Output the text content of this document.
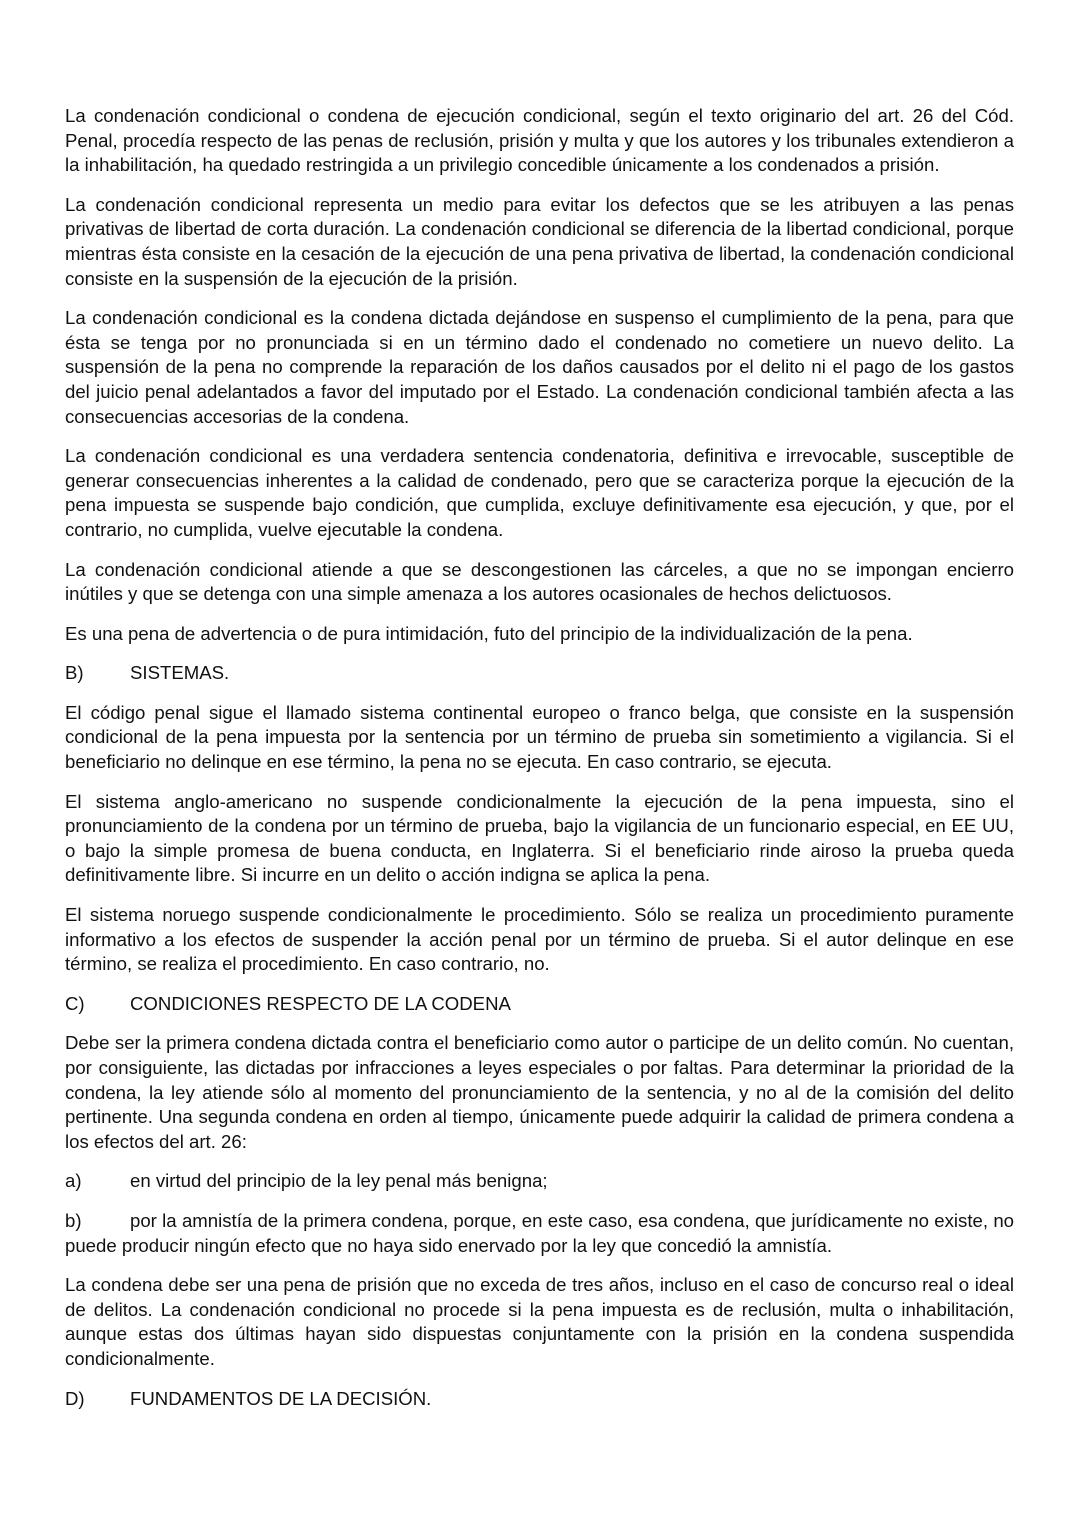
La condenación condicional o condena de ejecución condicional, según el texto originario del art. 26 del Cód. Penal, procedía respecto de las penas de reclusión, prisión y multa y que los autores y los tribunales extendieron a la inhabilitación, ha quedado restringida a un privilegio concedible únicamente a los condenados a prisión.

La condenación condicional representa un medio para evitar los defectos que se les atribuyen a las penas privativas de libertad de corta duración. La condenación condicional se diferencia de la libertad condicional, porque mientras ésta consiste en la cesación de la ejecución de una pena privativa de libertad, la condenación condicional consiste en la suspensión de la ejecución de la prisión.

La condenación condicional es la condena dictada dejándose en suspenso el cumplimiento de la pena, para que ésta se tenga por no pronunciada si en un término dado el condenado no cometiere un nuevo delito. La suspensión de la pena no comprende la reparación de los daños causados por el delito ni el pago de los gastos del juicio penal adelantados a favor del imputado por el Estado. La condenación condicional también afecta a las consecuencias accesorias de la condena.

La condenación condicional es una verdadera sentencia condenatoria, definitiva e irrevocable, susceptible de generar consecuencias inherentes a la calidad de condenado, pero que se caracteriza porque la ejecución de la pena impuesta se suspende bajo condición, que cumplida, excluye definitivamente esa ejecución, y que, por el contrario, no cumplida, vuelve ejecutable la condena.

La condenación condicional atiende a que se descongestionen las cárceles, a que no se impongan encierro inútiles y que se detenga con una simple amenaza a los autores ocasionales de hechos delictuosos.

Es una pena de advertencia o de pura intimidación, futo del principio de la individualización de la pena.

B)	SISTEMAS.

El código penal sigue el llamado sistema continental europeo o franco belga, que consiste en la suspensión condicional de la pena impuesta por la sentencia por un término de prueba sin sometimiento a vigilancia. Si el beneficiario no delinque en ese término, la pena no se ejecuta. En caso contrario, se ejecuta.

El sistema anglo-americano no suspende condicionalmente la ejecución de la pena impuesta, sino el pronunciamiento de la condena por un término de prueba, bajo la vigilancia de un funcionario especial, en EE UU, o bajo la simple promesa de buena conducta, en Inglaterra. Si el beneficiario rinde airoso la prueba queda definitivamente libre. Si incurre en un delito o acción indigna se aplica la pena.

El sistema noruego suspende condicionalmente le procedimiento. Sólo se realiza un procedimiento puramente informativo a los efectos de suspender la acción penal por un término de prueba. Si el autor delinque en ese término, se realiza el procedimiento. En caso contrario, no.

C)	CONDICIONES RESPECTO DE LA CODENA

Debe ser la primera condena dictada contra el beneficiario como autor o participe de un delito común. No cuentan, por consiguiente, las dictadas por infracciones a leyes especiales o por faltas. Para determinar la prioridad de la condena, la ley atiende sólo al momento del pronunciamiento de la sentencia, y no al de la comisión del delito pertinente. Una segunda condena en orden al tiempo, únicamente puede adquirir la calidad de primera condena a los efectos del art. 26:

a)	en virtud del principio de la ley penal más benigna;

b)	por la amnistía de la primera condena, porque, en este caso, esa condena, que jurídicamente no existe, no puede producir ningún efecto que no haya sido enervado por la ley que concedió la amnistía.

La condena debe ser una pena de prisión que no exceda de tres años, incluso en el caso de concurso real o ideal de delitos. La condenación condicional no procede si la pena impuesta es de reclusión, multa o inhabilitación, aunque estas dos últimas hayan sido dispuestas conjuntamente con la prisión en la condena suspendida condicionalmente.

D)	FUNDAMENTOS DE LA DECISIÓN.
